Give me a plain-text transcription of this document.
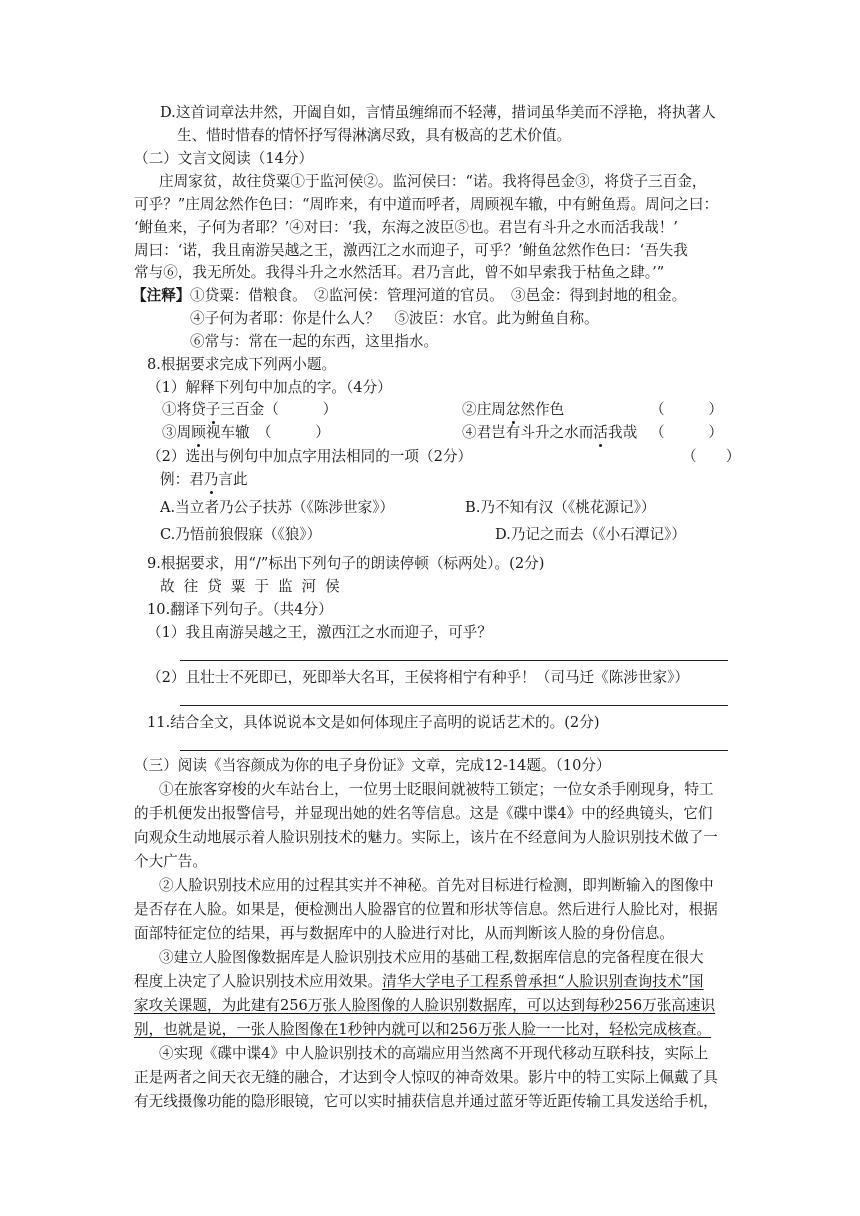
D.这首词章法井然，开阖自如，言情虽缠绵而不轻薄，措词虽华美而不浮艳，将执著人
生、惜时惜春的情怀抒写得淋漓尽致，具有极高的艺术价值。
（二）文言文阅读（14分）
庄周家贫，故往贷粟①于监河侯②。监河侯曰：“诺。我将得邑金③，将贷子三百金，
可乎？”庄周忿然作色曰：“周昨来，有中道而呼者，周顾视车辙，中有鲋鱼焉。周问之曰：
‘鲋鱼来，子何为者耶？’④对曰：‘我，东海之波臣⑤也。君岂有斗升之水而活我哉！’
周曰：‘诺，我且南游吴越之王，激西江之水而迎子，可乎？’鲋鱼忿然作色曰：‘吾失我
常与⑥，我无所处。我得斗升之水然活耳。君乃言此，曾不如早索我于枯鱼之肆。’”
【注释】 ①贷粟：借粮食。　②监河侯：管理河道的官员。　③邑金：得到封地的租金。
④子何为者耶：你是什么人？　⑤波臣：水官。此为鲋鱼自称。
⑥常与：常在一起的东西，这里指水。
8.根据要求完成下列两小题。
（1）解释下列句中加点的字。（4分）
①将贷子三百金（　　　）	②庄周忿然作色	（　　　）
③周顾视车辙　（　　　）	④君岂有斗升之水而活我哉 （　　　）
（2）选出与例句中加点字用法相同的一项（2分）	（　　）
例：君乃言此
A.当立者乃公子扶苏（《陈涉世家》）	B.乃不知有汉（《桃花源记》）
C.乃悟前狼假寐（《狼》）	D.乃记之而去（《小石潭记》）
9.根据要求，用“/”标出下列句子的朗读停顿（标两处）。(2分)
故往贷粟于监河侯
10.翻译下列句子。（共4分）
（1）我且南游吴越之王，激西江之水而迎子，可乎？
（2）且壮士不死即已，死即举大名耳，王侯将相宁有种乎！（司马迁《陈涉世家》）
11.结合全文，具体说说本文是如何体现庄子高明的说话艺术的。(2分)
（三）阅读《当容颜成为你的电子身份证》文章，完成12-14题。（10分）
①在旅客穿梭的火车站台上，一位男士眨眼间就被特工锁定；一位女杀手刚现身，特工
的手机便发出报警信号，并显现出她的姓名等信息。这是《碟中谍4》中的经典镜头，它们
向观众生动地展示着人脸识别技术的魅力。实际上，该片在不经意间为人脸识别技术做了一
个大广告。
②人脸识别技术应用的过程其实并不神秘。首先对目标进行检测，即判断输入的图像中
是否存在人脸。如果是，便检测出人脸器官的位置和形状等信息。然后进行人脸比对，根据
面部特征定位的结果，再与数据库中的人脸进行对比，从而判断该人脸的身份信息。
③建立人脸图像数据库是人脸识别技术应用的基础工程,数据库信息的完备程度在很大
程度上决定了人脸识别技术应用效果。清华大学电子工程系曾承担“人脸识别查询技术”国
家攻关课题，为此建有256万张人脸图像的人脸识别数据库，可以达到每秒256万张高速识
别，也就是说，一张人脸图像在1秒钟内就可以和256万张人脸一一比对，轻松完成核查。
④实现《碟中谍4》中人脸识别技术的高端应用当然离不开现代移动互联科技，实际上
正是两者之间天衣无缝的融合，才达到令人惊叹的神奇效果。影片中的特工实际上佩戴了具
有无线摄像功能的隐形眼镜，它可以实时捕获信息并通过蓝牙等近距传输工具发送给手机，
